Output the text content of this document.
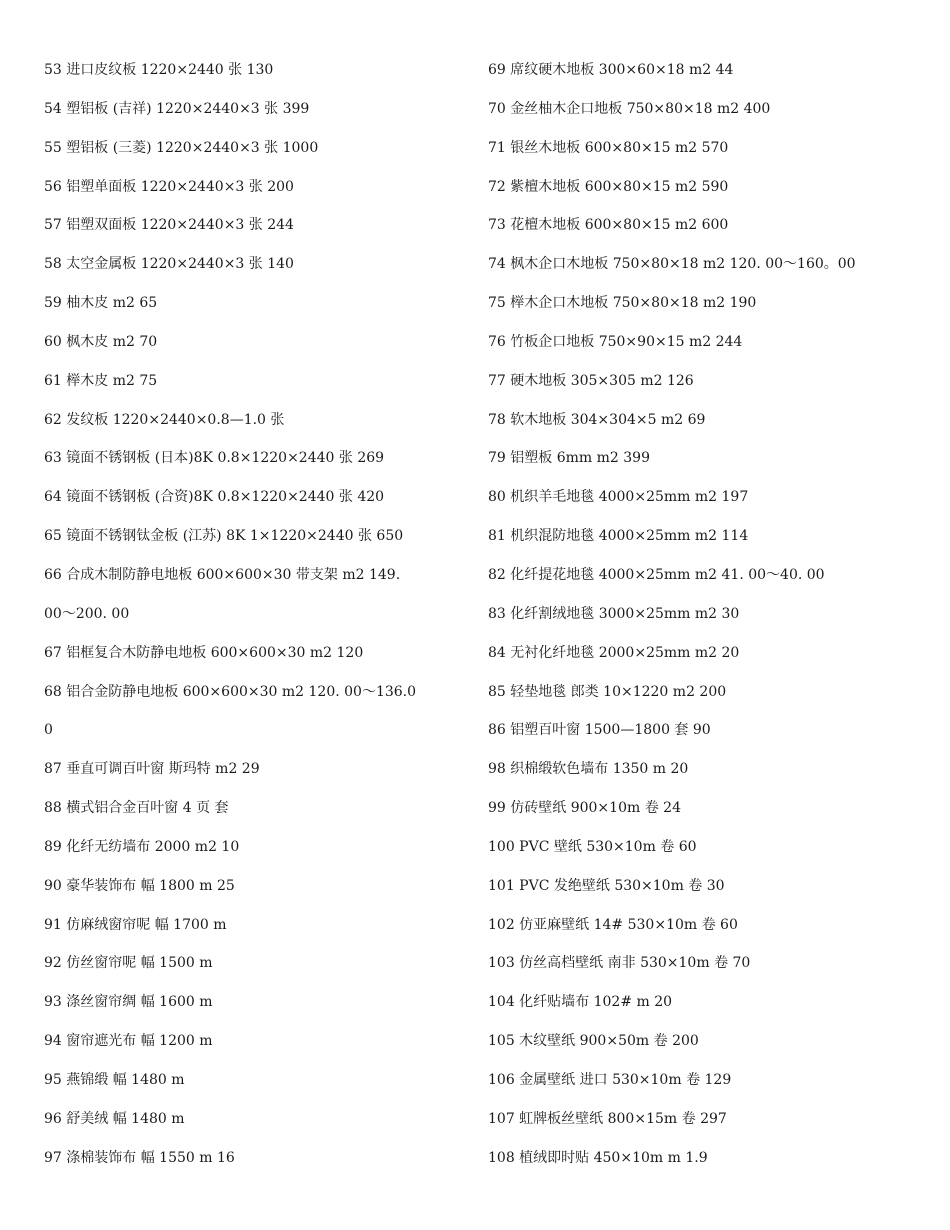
53 进口皮纹板 1220×2440 张 130
54 塑铝板 (吉祥) 1220×2440×3 张 399
55 塑铝板 (三菱) 1220×2440×3 张 1000
56 铝塑单面板 1220×2440×3 张 200
57 铝塑双面板 1220×2440×3 张 244
58 太空金属板 1220×2440×3 张 140
59 柚木皮 m2 65
60 枫木皮 m2 70
61 榉木皮 m2 75
62 发纹板 1220×2440×0.8—1.0 张
63 镜面不锈钢板 (日本)8K 0.8×1220×2440 张 269
64 镜面不锈钢板 (合资)8K 0.8×1220×2440 张 420
65 镜面不锈钢钛金板 (江苏) 8K 1×1220×2440 张 650
66 合成木制防静电地板 600×600×30 带支架 m2 149.
00～200. 00
67 铝框复合木防静电地板 600×600×30 m2 120
68 铝合金防静电地板 600×600×30 m2 120. 00～136.0
0
87 垂直可调百叶窗 斯玛特 m2 29
88 横式铝合金百叶窗 4 页 套
89 化纤无纺墙布 2000 m2 10
90 豪华装饰布 幅 1800 m 25
91 仿麻绒窗帘呢 幅 1700 m
92 仿丝窗帘呢 幅 1500 m
93 涤丝窗帘绸 幅 1600 m
94 窗帘遮光布 幅 1200 m
95 燕锦缎 幅 1480 m
96 舒美绒 幅 1480 m
97 涤棉装饰布 幅 1550 m 16
69 席纹硬木地板 300×60×18 m2 44
70 金丝柚木企口地板 750×80×18 m2 400
71 银丝木地板 600×80×15 m2 570
72 紫檀木地板 600×80×15 m2 590
73 花檀木地板 600×80×15 m2 600
74 枫木企口木地板 750×80×18 m2 120. 00～160。00
75 榉木企口木地板 750×80×18 m2 190
76 竹板企口地板 750×90×15 m2 244
77 硬木地板 305×305 m2 126
78 软木地板 304×304×5 m2 69
79 铝塑板 6mm m2 399
80 机织羊毛地毯 4000×25mm m2 197
81 机织混防地毯 4000×25mm m2 114
82 化纤提花地毯 4000×25mm m2 41. 00～40. 00
83 化纤割绒地毯 3000×25mm m2 30
84 无衬化纤地毯 2000×25mm m2 20
85 轻垫地毯 郎类 10×1220 m2 200
86 铝塑百叶窗 1500—1800 套 90
98 织棉缎软色墙布 1350 m 20
99 仿砖壁纸 900×10m 卷 24
100 PVC 壁纸 530×10m 卷 60
101 PVC 发绝壁纸 530×10m 卷 30
102 仿亚麻壁纸 14# 530×10m 卷 60
103 仿丝高档壁纸 南非 530×10m 卷 70
104 化纤贴墙布 102# m 20
105 木纹壁纸 900×50m 卷 200
106 金属壁纸 进口 530×10m 卷 129
107 虹牌板丝壁纸 800×15m 卷 297
108 植绒即时贴 450×10m m 1.9
